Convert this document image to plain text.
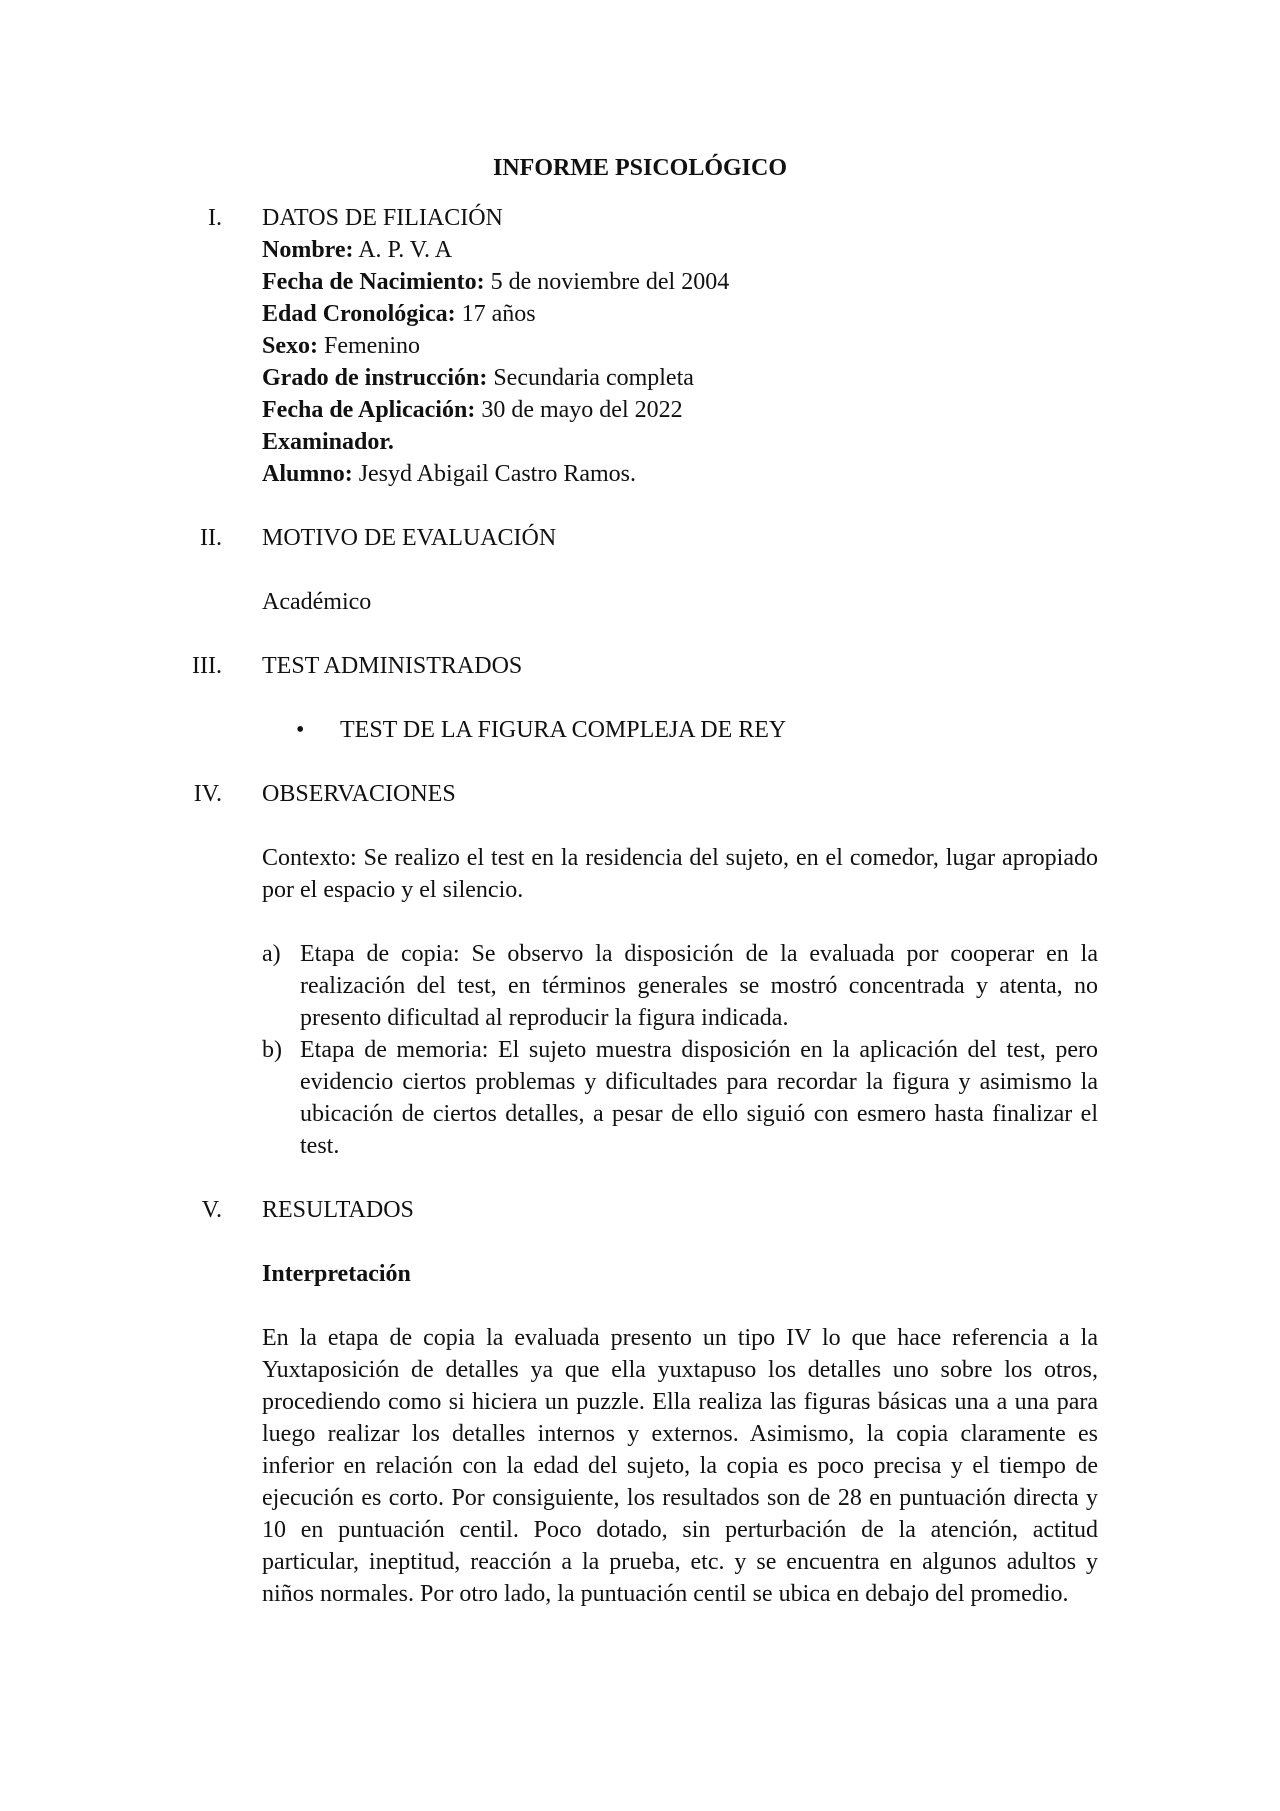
INFORME PSICOLÓGICO
I. DATOS DE FILIACIÓN
Nombre: A. P. V. A
Fecha de Nacimiento: 5 de noviembre del 2004
Edad Cronológica: 17 años
Sexo: Femenino
Grado de instrucción: Secundaria completa
Fecha de Aplicación: 30 de mayo del 2022
Examinador.
Alumno: Jesyd Abigail Castro Ramos.
II. MOTIVO DE EVALUACIÓN
Académico
III. TEST ADMINISTRADOS
• TEST DE LA FIGURA COMPLEJA DE REY
IV. OBSERVACIONES
Contexto: Se realizo el test en la residencia del sujeto, en el comedor, lugar apropiado por el espacio y el silencio.
a) Etapa de copia: Se observo la disposición de la evaluada por cooperar en la realización del test, en términos generales se mostró concentrada y atenta, no presento dificultad al reproducir la figura indicada.
b) Etapa de memoria: El sujeto muestra disposición en la aplicación del test, pero evidencio ciertos problemas y dificultades para recordar la figura y asimismo la ubicación de ciertos detalles, a pesar de ello siguió con esmero hasta finalizar el test.
V. RESULTADOS
Interpretación
En la etapa de copia la evaluada presento un tipo IV lo que hace referencia a la Yuxtaposición de detalles ya que ella yuxtapuso los detalles uno sobre los otros, procediendo como si hiciera un puzzle. Ella realiza las figuras básicas una a una para luego realizar los detalles internos y externos. Asimismo, la copia claramente es inferior en relación con la edad del sujeto, la copia es poco precisa y el tiempo de ejecución es corto. Por consiguiente, los resultados son de 28 en puntuación directa y 10 en puntuación centil. Poco dotado, sin perturbación de la atención, actitud particular, ineptitud, reacción a la prueba, etc. y se encuentra en algunos adultos y niños normales. Por otro lado, la puntuación centil se ubica en debajo del promedio.
